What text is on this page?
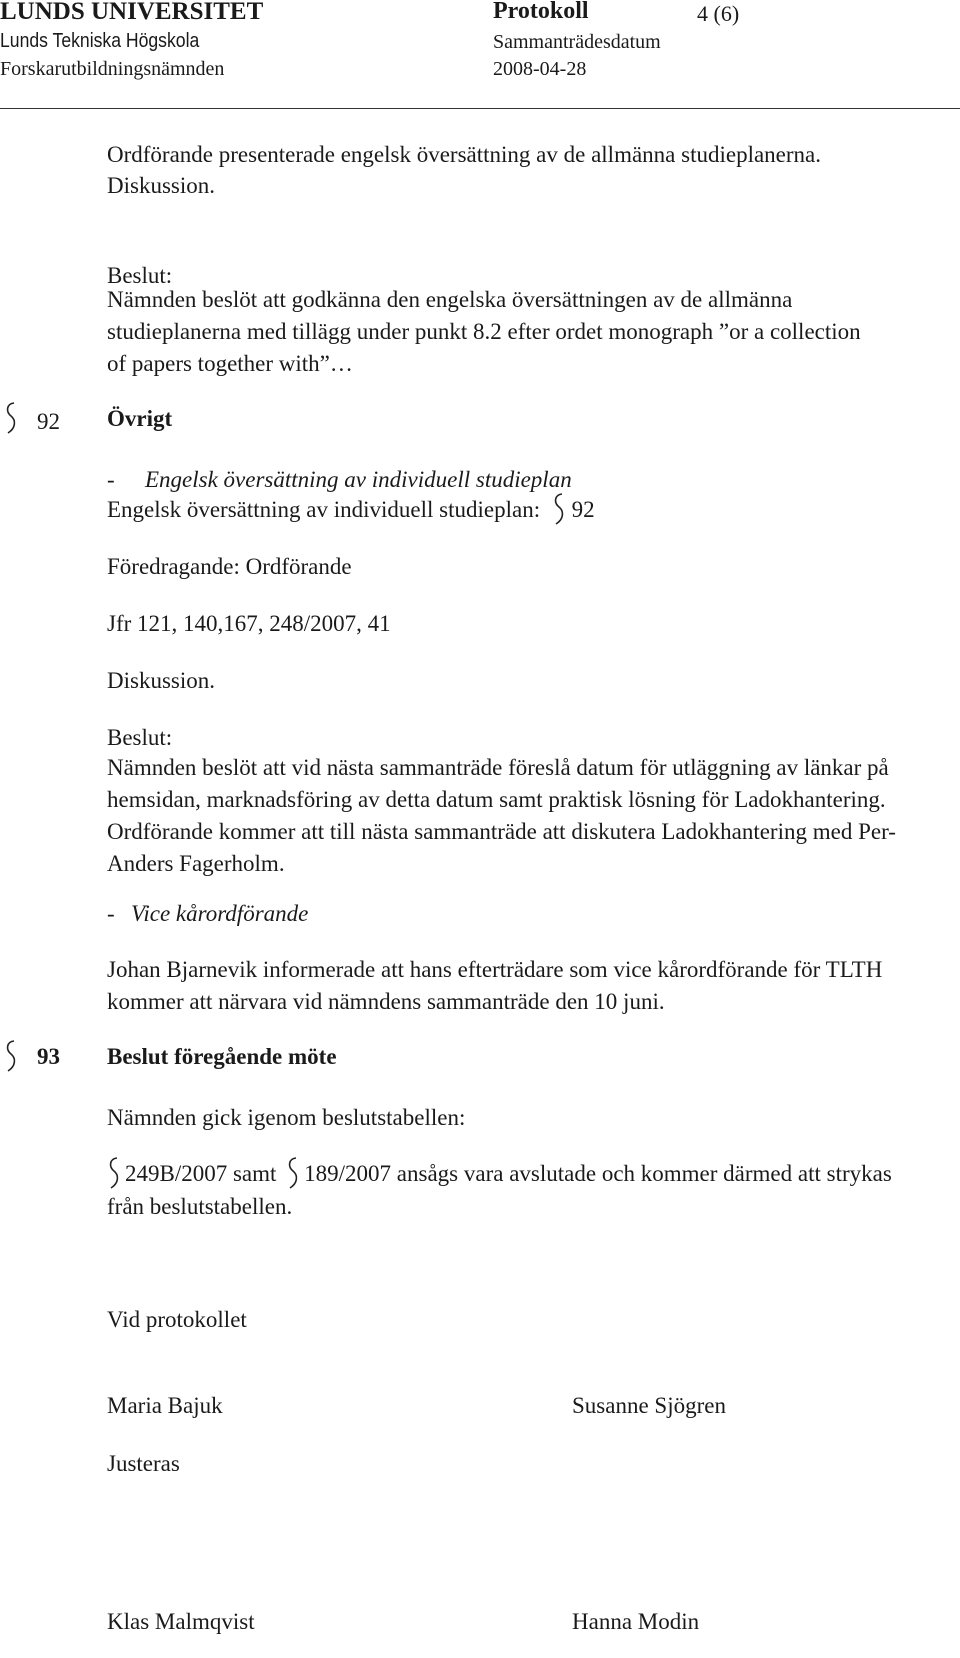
LUNDS UNIVERSITET
Lunds Tekniska Högskola
Forskarutbildningsnämnden
Protokoll	4 (6)
Sammanträdesdatum
2008-04-28
Ordförande presenterade engelsk översättning av de allmänna studieplanerna.
Diskussion.
Beslut:
Nämnden beslöt att godkänna den engelska översättningen av de allmänna studieplanerna med tillägg under punkt 8.2 efter ordet monograph ”or a collection of papers together with”…
92 Övrigt
- Engelsk översättning av individuell studieplan
Engelsk översättning av individuell studieplan: 92
Föredragande: Ordförande
Jfr 121, 140,167, 248/2007, 41
Diskussion.
Beslut:
Nämnden beslöt att vid nästa sammanträde föreslå datum för utläggning av länkar på hemsidan, marknadsföring av detta datum samt praktisk lösning för Ladokhantering. Ordförande kommer att till nästa sammanträde att diskutera Ladokhantering med Per-Anders Fagerholm.
- Vice kårordförande
Johan Bjarnevik informerade att hans efterträdare som vice kårordförande för TLTH kommer att närvara vid nämndens sammanträde den 10 juni.
93 Beslut föregående möte
Nämnden gick igenom beslutstabellen:
249B/2007 samt 189/2007 ansågs vara avslutade och kommer därmed att strykas från beslutstabellen.
Vid protokollet
Maria Bajuk	Susanne Sjögren
Justeras
Klas Malmqvist	Hanna Modin
